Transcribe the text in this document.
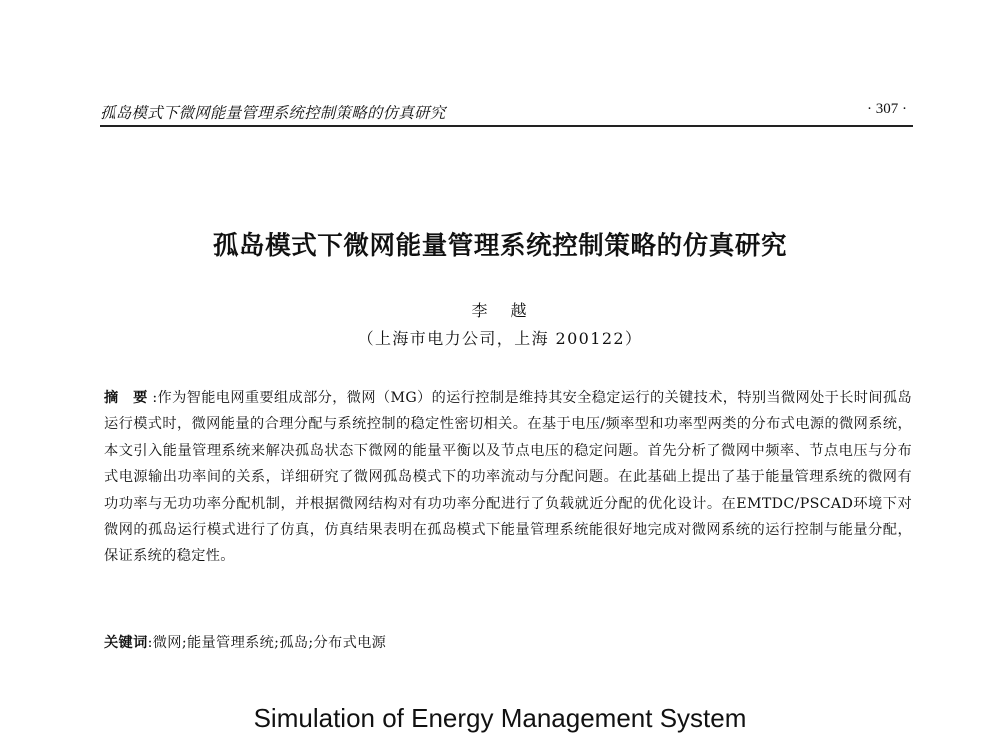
孤岛模式下微网能量管理系统控制策略的仿真研究	· 307 ·
孤岛模式下微网能量管理系统控制策略的仿真研究
李 越
（上海市电力公司，上海 200122）
摘 要:作为智能电网重要组成部分，微网（MG）的运行控制是维持其安全稳定运行的关键技术，特别当微网处于长时间孤岛运行模式时，微网能量的合理分配与系统控制的稳定性密切相关。在基于电压/频率型和功率型两类的分布式电源的微网系统，本文引入能量管理系统来解决孤岛状态下微网的能量平衡以及节点电压的稳定问题。首先分析了微网中频率、节点电压与分布式电源输出功率间的关系，详细研究了微网孤岛模式下的功率流动与分配问题。在此基础上提出了基于能量管理系统的微网有功功率与无功功率分配机制，并根据微网结构对有功功率分配进行了负载就近分配的优化设计。在EMTDC/PSCAD环境下对微网的孤岛运行模式进行了仿真，仿真结果表明在孤岛模式下能量管理系统能很好地完成对微网系统的运行控制与能量分配，保证系统的稳定性。
关键词:微网;能量管理系统;孤岛;分布式电源
Simulation of Energy Management System
